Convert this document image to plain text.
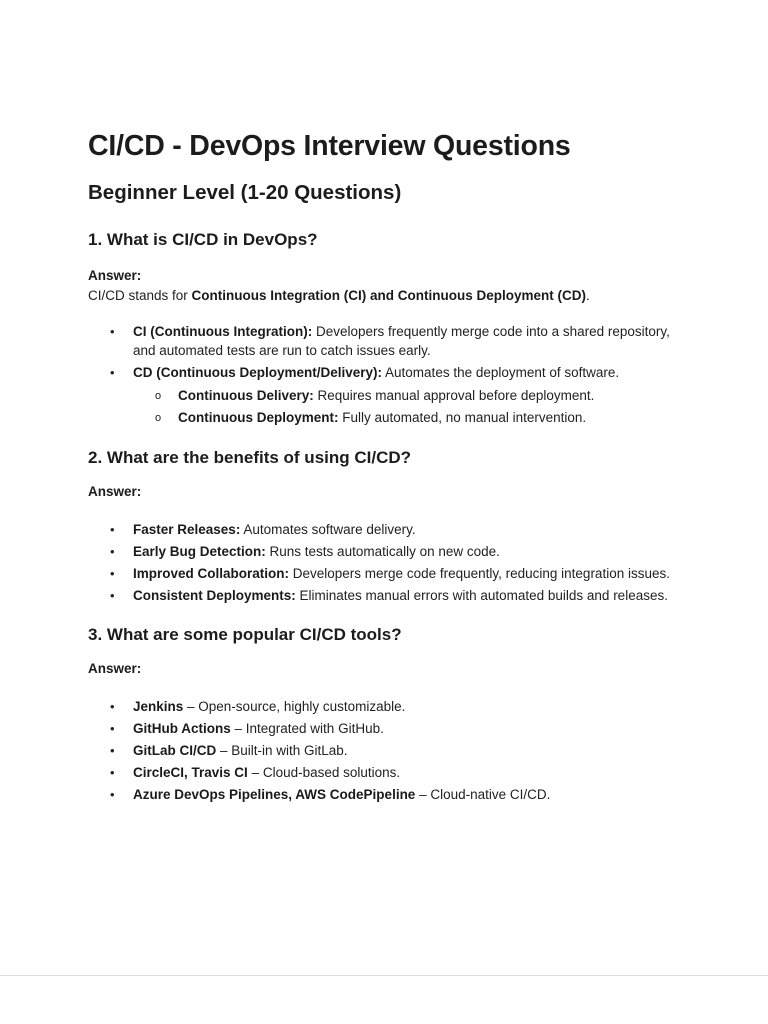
CI/CD - DevOps Interview Questions
Beginner Level (1-20 Questions)
1. What is CI/CD in DevOps?

Answer:

CI/CD stands for Continuous Integration (CI) and Continuous Deployment (CD).

• CI (Continuous Integration): Developers frequently merge code into a shared repository, and automated tests are run to catch issues early.
• CD (Continuous Deployment/Delivery): Automates the deployment of software.
o Continuous Delivery: Requires manual approval before deployment.
o Continuous Deployment: Fully automated, no manual intervention.
2. What are the benefits of using CI/CD?

Answer:

• Faster Releases: Automates software delivery.
• Early Bug Detection: Runs tests automatically on new code.
• Improved Collaboration: Developers merge code frequently, reducing integration issues.
• Consistent Deployments: Eliminates manual errors with automated builds and releases.
3. What are some popular CI/CD tools?

Answer:

• Jenkins – Open-source, highly customizable.
• GitHub Actions – Integrated with GitHub.
• GitLab CI/CD – Built-in with GitLab.
• CircleCI, Travis CI – Cloud-based solutions.
• Azure DevOps Pipelines, AWS CodePipeline – Cloud-native CI/CD.
